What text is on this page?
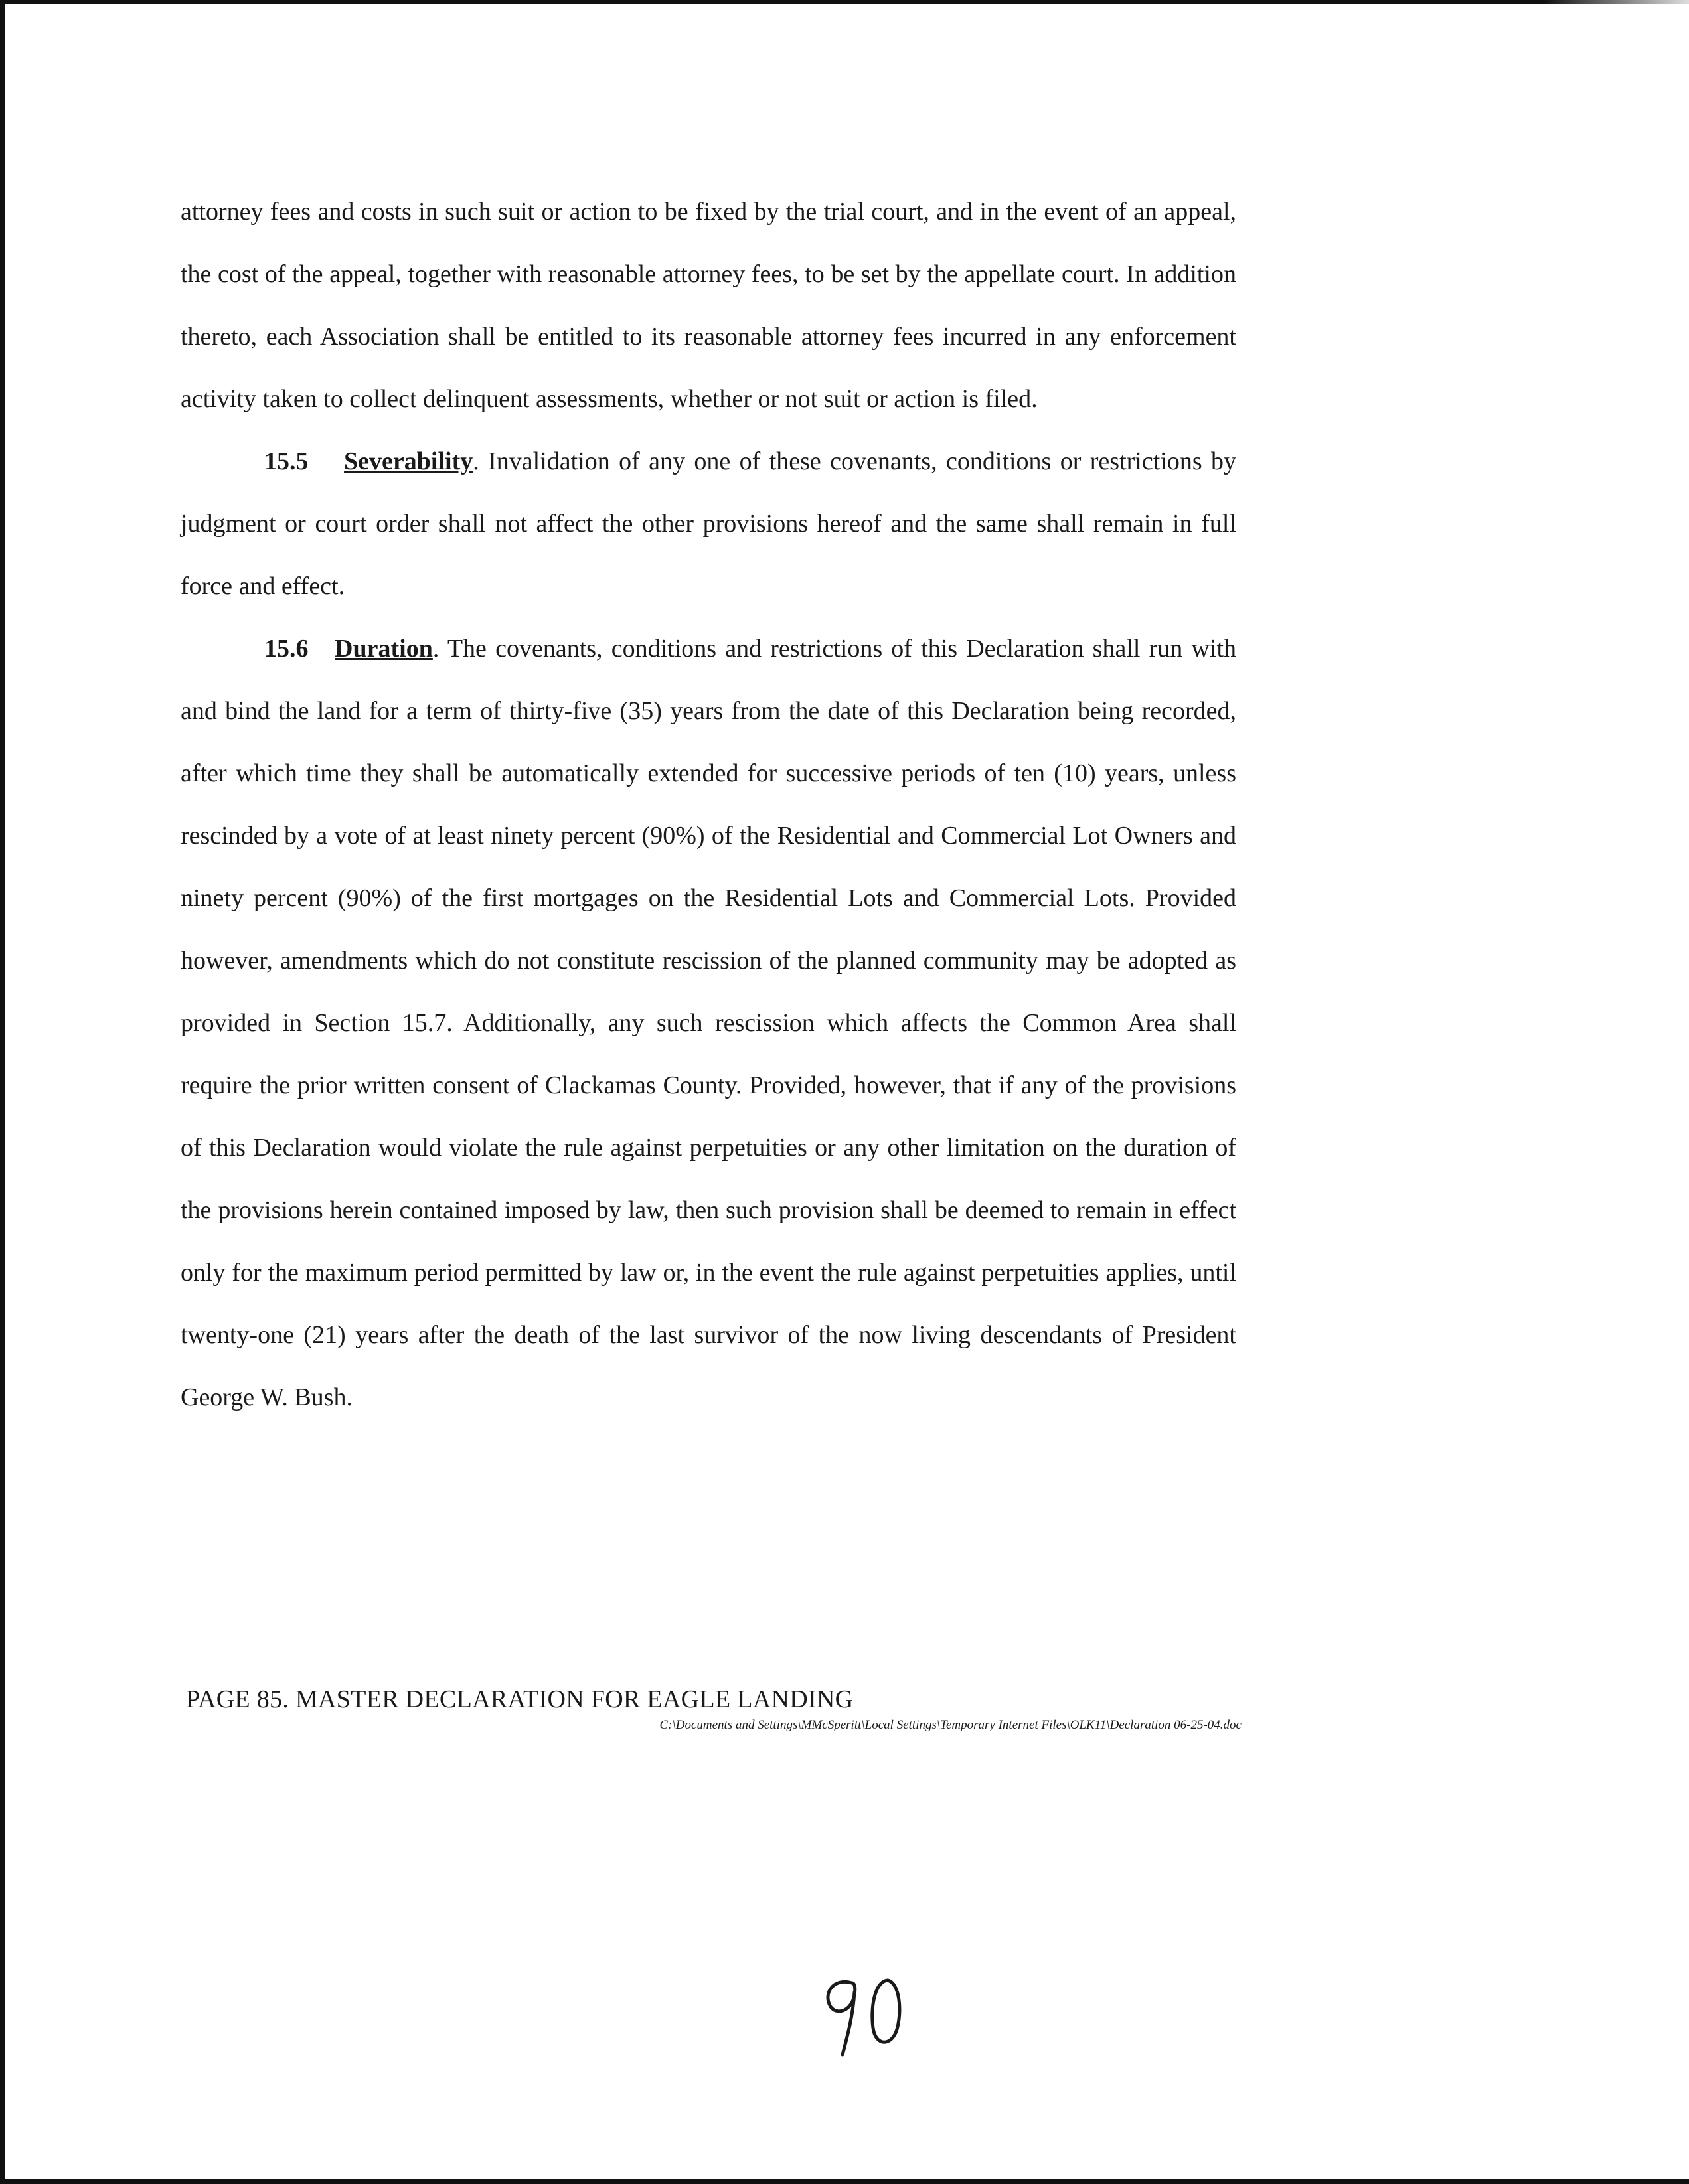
attorney fees and costs in such suit or action to be fixed by the trial court, and in the event of an appeal, the cost of the appeal, together with reasonable attorney fees, to be set by the appellate court. In addition thereto, each Association shall be entitled to its reasonable attorney fees incurred in any enforcement activity taken to collect delinquent assessments, whether or not suit or action is filed.

15.5 Severability. Invalidation of any one of these covenants, conditions or restrictions by judgment or court order shall not affect the other provisions hereof and the same shall remain in full force and effect.

15.6 Duration. The covenants, conditions and restrictions of this Declaration shall run with and bind the land for a term of thirty-five (35) years from the date of this Declaration being recorded, after which time they shall be automatically extended for successive periods of ten (10) years, unless rescinded by a vote of at least ninety percent (90%) of the Residential and Commercial Lot Owners and ninety percent (90%) of the first mortgages on the Residential Lots and Commercial Lots. Provided however, amendments which do not constitute rescission of the planned community may be adopted as provided in Section 15.7. Additionally, any such rescission which affects the Common Area shall require the prior written consent of Clackamas County. Provided, however, that if any of the provisions of this Declaration would violate the rule against perpetuities or any other limitation on the duration of the provisions herein contained imposed by law, then such provision shall be deemed to remain in effect only for the maximum period permitted by law or, in the event the rule against perpetuities applies, until twenty-one (21) years after the death of the last survivor of the now living descendants of President George W. Bush.

PAGE 85. MASTER DECLARATION FOR EAGLE LANDING
C:\Documents and Settings\MMcSperitt\Local Settings\Temporary Internet Files\OLK11\Declaration 06-25-04.doc
